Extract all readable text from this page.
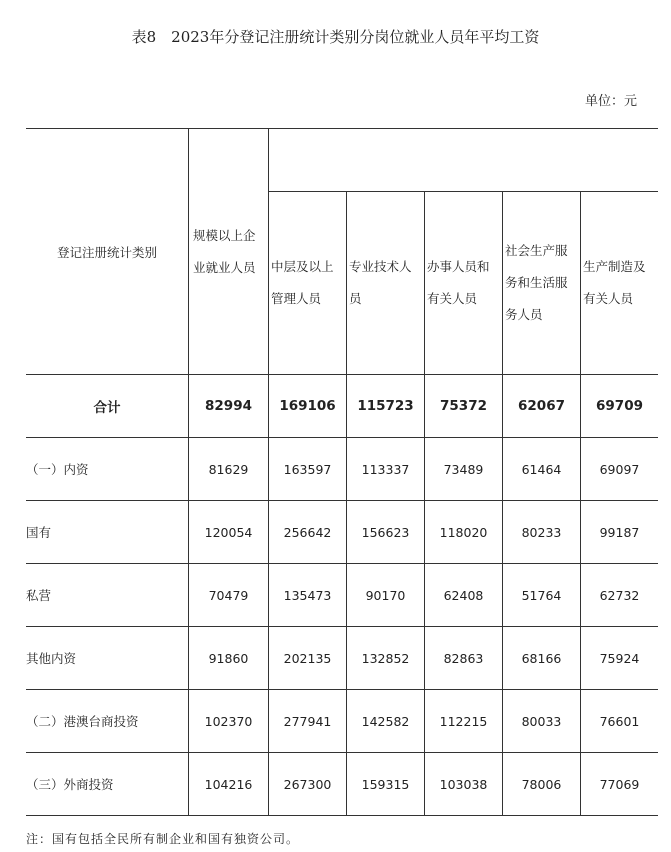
表8　2023年分登记注册统计类别分岗位就业人员年平均工资
单位：元
登记注册统计类别	规模以上企业就业人员					

		中层及以上管理人员	专业技术人员	办事人员和有关人员	社会生产服务和生活服务人员	生产制造及有关人员

合计	82994	169106	115723	75372	62067	69709
（一）内资	81629	163597	113337	73489	61464	69097
国有	120054	256642	156623	118020	80233	99187
私营	70479	135473	90170	62408	51764	62732
其他内资	91860	202135	132852	82863	68166	75924
（二）港澳台商投资	102370	277941	142582	112215	80033	76601
（三）外商投资	104216	267300	159315	103038	78006	77069
注：国有包括全民所有制企业和国有独资公司。
